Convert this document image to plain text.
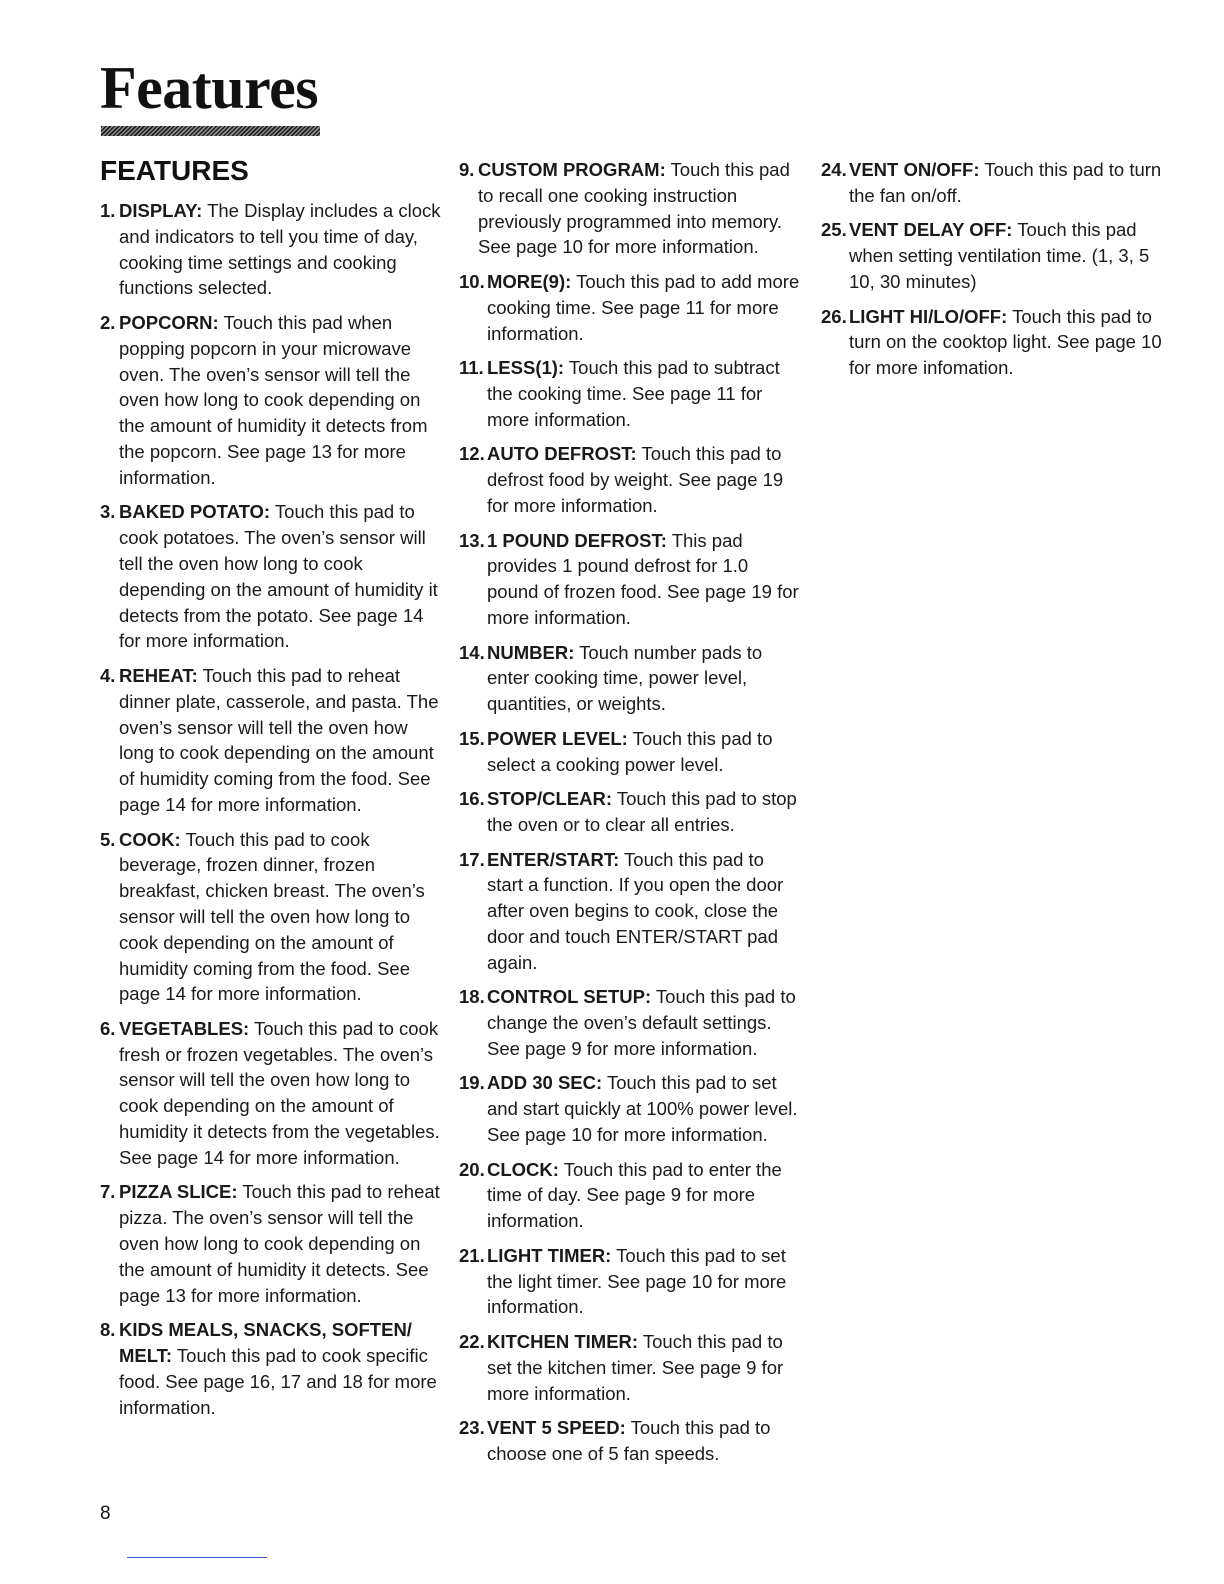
Features
FEATURES
1. DISPLAY: The Display includes a clock and indicators to tell you time of day, cooking time settings and cooking functions selected.
2. POPCORN: Touch this pad when popping popcorn in your microwave oven. The oven’s sensor will tell the oven how long to cook depending on the amount of humidity it detects from the popcorn. See page 13 for more information.
3. BAKED POTATO: Touch this pad to cook potatoes. The oven’s sensor will tell the oven how long to cook depending on the amount of humidity it detects from the potato. See page 14 for more information.
4. REHEAT: Touch this pad to reheat dinner plate, casserole, and pasta. The oven’s sensor will tell the oven how long to cook depending on the amount of humidity coming from the food. See page 14 for more information.
5. COOK: Touch this pad to cook beverage, frozen dinner, frozen breakfast, chicken breast. The oven’s sensor will tell the oven how long to cook depending on the amount of humidity coming from the food. See page 14 for more information.
6. VEGETABLES: Touch this pad to cook fresh or frozen vegetables. The oven’s sensor will tell the oven how long to cook depending on the amount of humidity it detects from the vegetables. See page 14 for more information.
7. PIZZA SLICE: Touch this pad to reheat pizza. The oven’s sensor will tell the oven how long to cook depending on the amount of humidity it detects. See page 13 for more information.
8. KIDS MEALS, SNACKS, SOFTEN/ MELT: Touch this pad to cook specific food. See page 16, 17 and 18 for more information.
9. CUSTOM PROGRAM: Touch this pad to recall one cooking instruction previously programmed into memory. See page 10 for more information.
10. MORE(9): Touch this pad to add more cooking time. See page 11 for more information.
11. LESS(1): Touch this pad to subtract the cooking time. See page 11 for more information.
12. AUTO DEFROST: Touch this pad to defrost food by weight. See page 19 for more information.
13. 1 POUND DEFROST: This pad provides 1 pound defrost for 1.0 pound of frozen food. See page 19 for more information.
14. NUMBER: Touch number pads to enter cooking time, power level, quantities, or weights.
15. POWER LEVEL: Touch this pad to select a cooking power level.
16. STOP/CLEAR: Touch this pad to stop the oven or to clear all entries.
17. ENTER/START: Touch this pad to start a function. If you open the door after oven begins to cook, close the door and touch ENTER/START pad again.
18. CONTROL SETUP: Touch this pad to change the oven’s default settings. See page 9 for more information.
19. ADD 30 SEC: Touch this pad to set and start quickly at 100% power level. See page 10 for more information.
20. CLOCK: Touch this pad to enter the time of day. See page 9 for more information.
21. LIGHT TIMER: Touch this pad to set the light timer. See page 10 for more information.
22. KITCHEN TIMER: Touch this pad to set the kitchen timer. See page 9 for more information.
23. VENT 5 SPEED: Touch this pad to choose one of 5 fan speeds.
24. VENT ON/OFF: Touch this pad to turn the fan on/off.
25. VENT DELAY OFF: Touch this pad when setting ventilation time. (1, 3, 5 10, 30 minutes)
26. LIGHT HI/LO/OFF: Touch this pad to turn on the cooktop light. See page 10 for more infomation.
8
